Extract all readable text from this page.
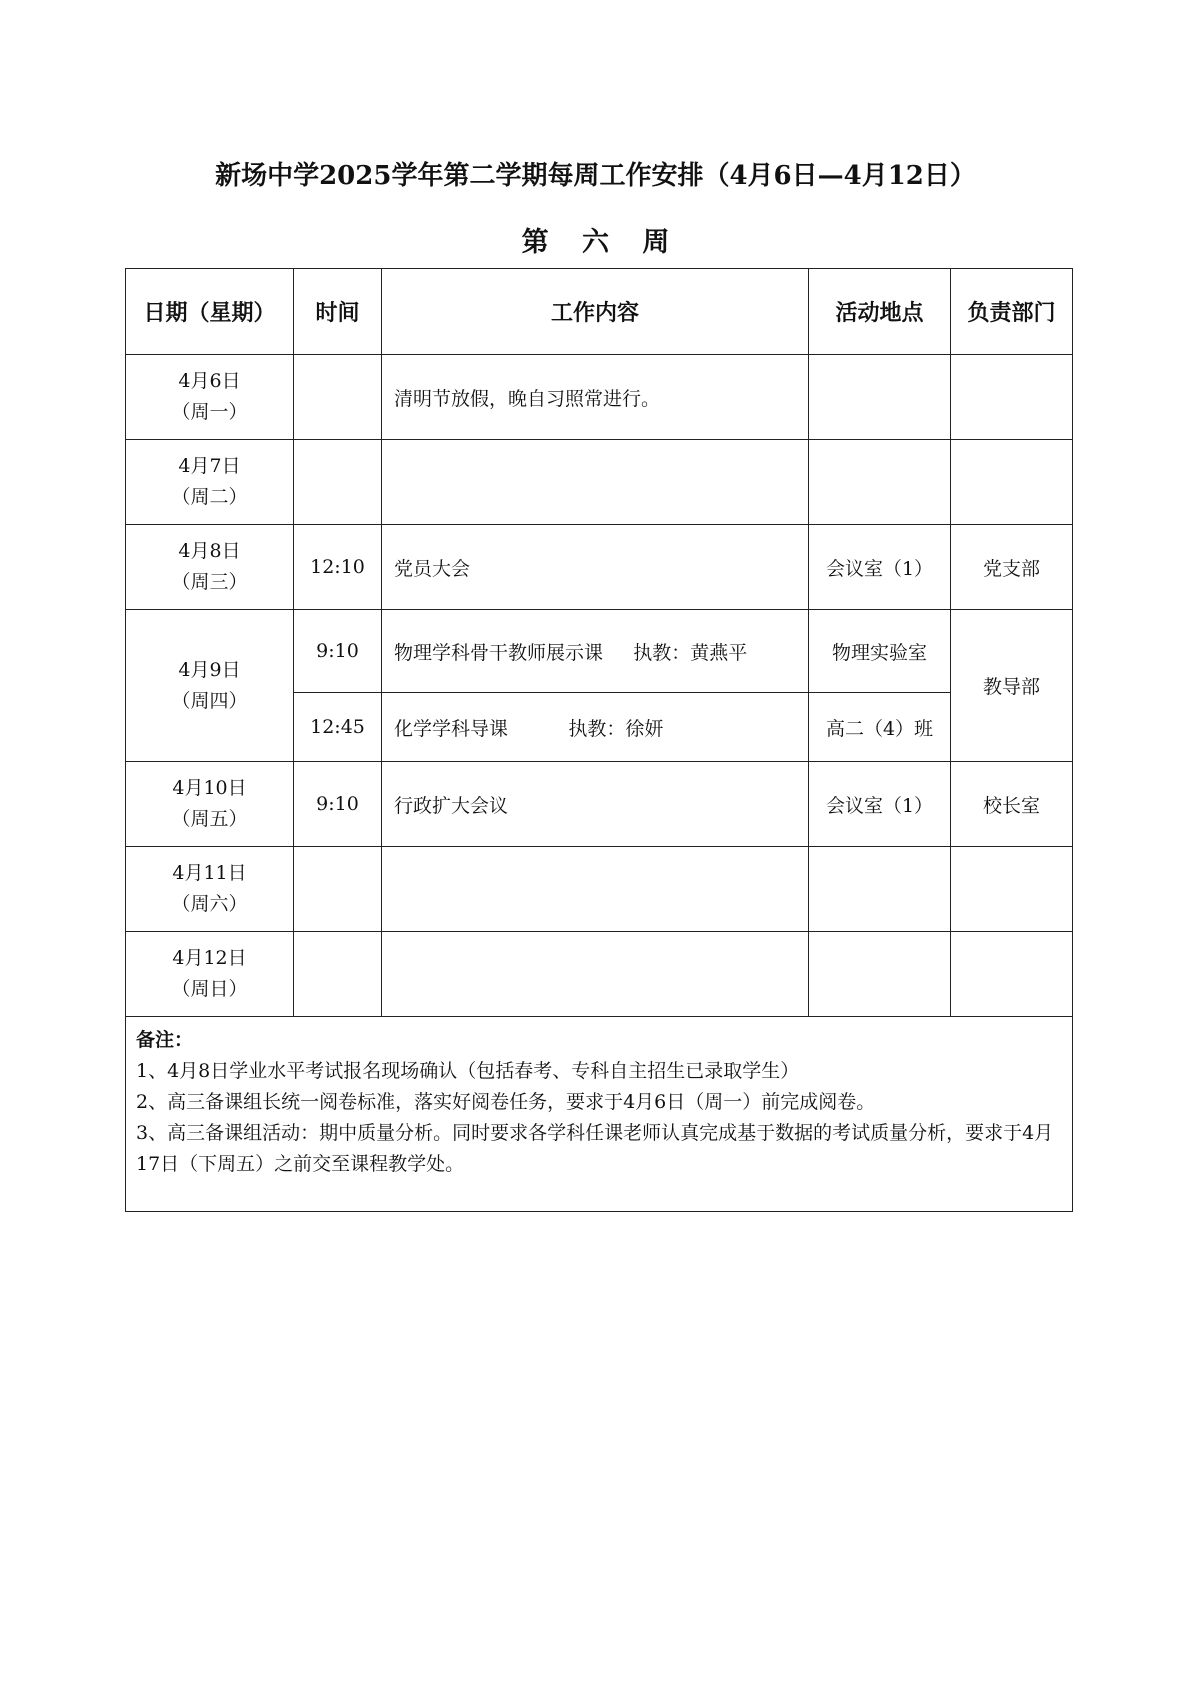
新场中学2025学年第二学期每周工作安排（4月6日—4月12日）
第 六 周
日期（星期）	时间	工作内容	活动地点	负责部门

4月6日
（周一）		清明节放假，晚自习照常进行。		

4月7日
（周二）				

4月8日
（周三）	12:10	党员大会	会议室（1）	党支部

4月9日
（周四）	9:10	物理学科骨干教师展示课     执教：黄燕平	物理实验室	教导部
	12:45	化学学科导课          执教：徐妍	高二（4）班	

4月10日
（周五）	9:10	行政扩大会议	会议室（1）	校长室

4月11日
（周六）				

4月12日
（周日）				

备注：
1、4月8日学业水平考试报名现场确认（包括春考、专科自主招生已录取学生）
2、高三备课组长统一阅卷标准，落实好阅卷任务，要求于4月6日（周一）前完成阅卷。
3、高三备课组活动：期中质量分析。同时要求各学科任课老师认真完成基于数据的考试质量分析，要求于4月17日（下周五）之前交至课程教学处。				
